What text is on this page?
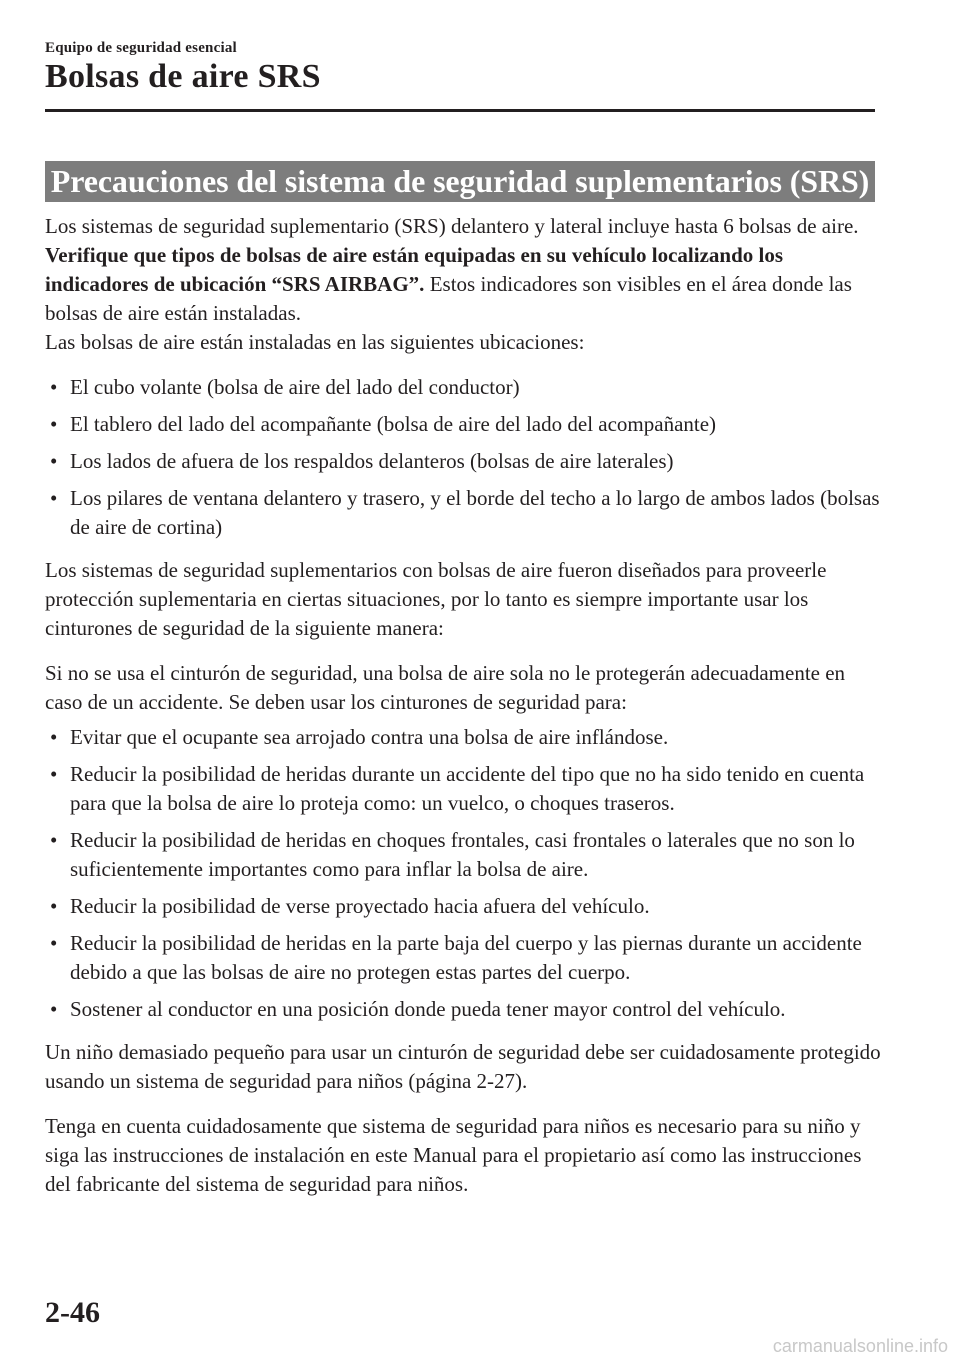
Equipo de seguridad esencial
Bolsas de aire SRS
Precauciones del sistema de seguridad suplementarios (SRS)

Los sistemas de seguridad suplementario (SRS) delantero y lateral incluye hasta 6 bolsas de aire. Verifique que tipos de bolsas de aire están equipadas en su vehículo localizando los indicadores de ubicación “SRS AIRBAG”. Estos indicadores son visibles en el área donde las bolsas de aire están instaladas.

Las bolsas de aire están instaladas en las siguientes ubicaciones:

• El cubo volante (bolsa de aire del lado del conductor)
• El tablero del lado del acompañante (bolsa de aire del lado del acompañante)
• Los lados de afuera de los respaldos delanteros (bolsas de aire laterales)
• Los pilares de ventana delantero y trasero, y el borde del techo a lo largo de ambos lados (bolsas de aire de cortina)

Los sistemas de seguridad suplementarios con bolsas de aire fueron diseñados para proveerle protección suplementaria en ciertas situaciones, por lo tanto es siempre importante usar los cinturones de seguridad de la siguiente manera:

Si no se usa el cinturón de seguridad, una bolsa de aire sola no le protegerán adecuadamente en caso de un accidente. Se deben usar los cinturones de seguridad para:

• Evitar que el ocupante sea arrojado contra una bolsa de aire inflándose.
• Reducir la posibilidad de heridas durante un accidente del tipo que no ha sido tenido en cuenta para que la bolsa de aire lo proteja como: un vuelco, o choques traseros.
• Reducir la posibilidad de heridas en choques frontales, casi frontales o laterales que no son lo suficientemente importantes como para inflar la bolsa de aire.
• Reducir la posibilidad de verse proyectado hacia afuera del vehículo.
• Reducir la posibilidad de heridas en la parte baja del cuerpo y las piernas durante un accidente debido a que las bolsas de aire no protegen estas partes del cuerpo.
• Sostener al conductor en una posición donde pueda tener mayor control del vehículo.

Un niño demasiado pequeño para usar un cinturón de seguridad debe ser cuidadosamente protegido usando un sistema de seguridad para niños (página 2-27).

Tenga en cuenta cuidadosamente que sistema de seguridad para niños es necesario para su niño y siga las instrucciones de instalación en este Manual para el propietario así como las instrucciones del fabricante del sistema de seguridad para niños.

2-46
carmanualsonline.info
